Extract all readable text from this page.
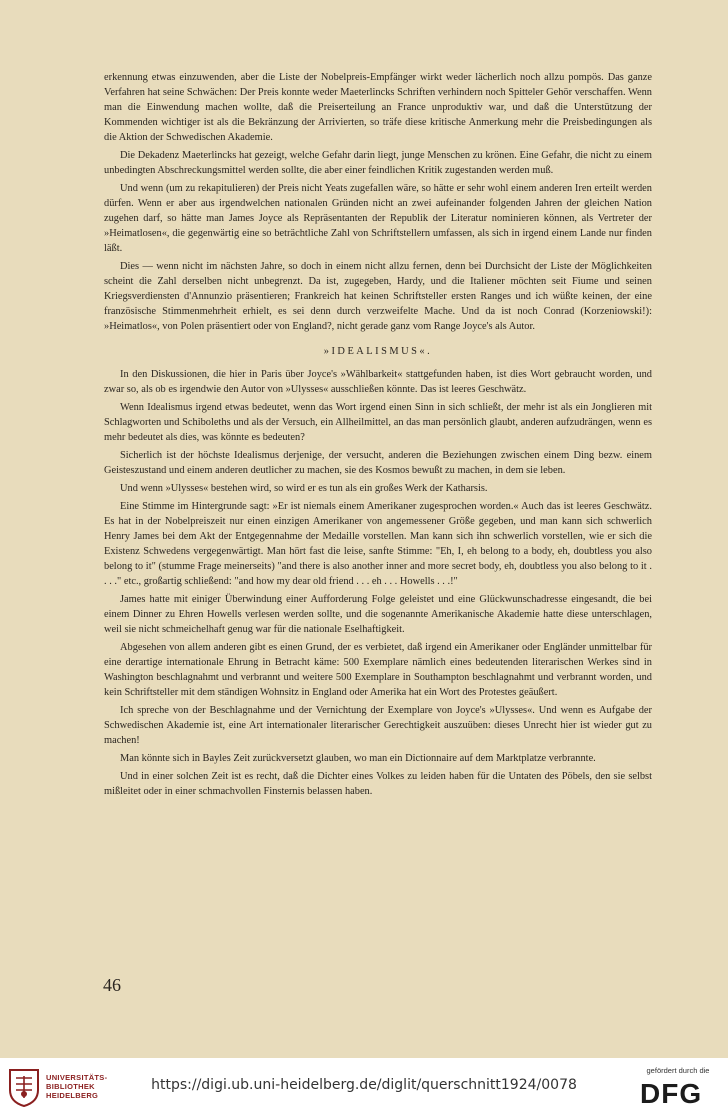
erkennung etwas einzuwenden, aber die Liste der Nobelpreis-Empfänger wirkt weder lächerlich noch allzu pompös. Das ganze Verfahren hat seine Schwächen: Der Preis konnte weder Maeterlincks Schriften verhindern noch Spitteler Gehör verschaffen. Wenn man die Einwendung machen wollte, daß die Preiserteilung an France unproduktiv war, und daß die Unterstützung der Kommenden wichtiger ist als die Bekränzung der Arrivierten, so träfe diese kritische Anmerkung mehr die Preisbedingungen als die Aktion der Schwedischen Akademie.

Die Dekadenz Maeterlincks hat gezeigt, welche Gefahr darin liegt, junge Menschen zu krönen. Eine Gefahr, die nicht zu einem unbedingten Abschreckungsmittel werden sollte, die aber einer feindlichen Kritik zugestanden werden muß.

Und wenn (um zu rekapitulieren) der Preis nicht Yeats zugefallen wäre, so hätte er sehr wohl einem anderen Iren erteilt werden dürfen. Wenn er aber aus irgendwelchen nationalen Gründen nicht an zwei aufeinander folgenden Jahren der gleichen Nation zugehen darf, so hätte man James Joyce als Repräsentanten der Republik der Literatur nominieren können, als Vertreter der »Heimatlosen«, die gegenwärtig eine so beträchtliche Zahl von Schriftstellern umfassen, als sich in irgend einem Lande nur finden läßt.

Dies — wenn nicht im nächsten Jahre, so doch in einem nicht allzu fernen, denn bei Durchsicht der Liste der Möglichkeiten scheint die Zahl derselben nicht unbegrenzt. Da ist, zugegeben, Hardy, und die Italiener möchten seit Fiume und seinen Kriegsverdiensten d'Annunzio präsentieren; Frankreich hat keinen Schriftsteller ersten Ranges und ich wüßte keinen, der eine französische Stimmenmehrheit erhielt, es sei denn durch verzweifelte Mache. Und da ist noch Conrad (Korzeniowski!): »Heimatlos«, von Polen präsentiert oder von England?, nicht gerade ganz vom Range Joyce's als Autor.

»IDEALISMUS«.

In den Diskussionen, die hier in Paris über Joyce's »Wählbarkeit« stattgefunden haben, ist dies Wort gebraucht worden, und zwar so, als ob es irgendwie den Autor von »Ulysses« ausschließen könnte. Das ist leeres Geschwätz.

Wenn Idealismus irgend etwas bedeutet, wenn das Wort irgend einen Sinn in sich schließt, der mehr ist als ein Jonglieren mit Schlagworten und Schiboleths und als der Versuch, ein Allheilmittel, an das man persönlich glaubt, anderen aufzudrängen, wenn es mehr bedeutet als dies, was könnte es bedeuten?

Sicherlich ist der höchste Idealismus derjenige, der versucht, anderen die Beziehungen zwischen einem Ding bezw. einem Geisteszustand und einem anderen deutlicher zu machen, sie des Kosmos bewußt zu machen, in dem sie leben.

Und wenn »Ulysses« bestehen wird, so wird er es tun als ein großes Werk der Katharsis.

Eine Stimme im Hintergrunde sagt: »Er ist niemals einem Amerikaner zugesprochen worden.« Auch das ist leeres Geschwätz. Es hat in der Nobelpreiszeit nur einen einzigen Amerikaner von angemessener Größe gegeben, und man kann sich schwerlich Henry James bei dem Akt der Entgegennahme der Medaille vorstellen. Man kann sich ihn schwerlich vorstellen, wie er sich die Existenz Schwedens vergegenwärtigt. Man hört fast die leise, sanfte Stimme: "Eh, I, eh belong to a body, eh, doubtless you also belong to it" (stumme Frage meinerseits) "and there is also another inner and more secret body, eh, doubtless you also belong to it . . . ." etc., großartig schließend: "and how my dear old friend . . . eh . . . Howells . . .!"

James hatte mit einiger Überwindung einer Aufforderung Folge geleistet und eine Glückwunschadresse eingesandt, die bei einem Dinner zu Ehren Howells verlesen werden sollte, und die sogenannte Amerikanische Akademie hatte diese unterschlagen, weil sie nicht schmeichelhaft genug war für die nationale Eselhaftigkeit.

Abgesehen von allem anderen gibt es einen Grund, der es verbietet, daß irgend ein Amerikaner oder Engländer unmittelbar für eine derartige internationale Ehrung in Betracht käme: 500 Exemplare nämlich eines bedeutenden literarischen Werkes sind in Washington beschlagnahmt und verbrannt und weitere 500 Exemplare in Southampton beschlagnahmt und verbrannt worden, und kein Schriftsteller mit dem ständigen Wohnsitz in England oder Amerika hat ein Wort des Protestes geäußert.

Ich spreche von der Beschlagnahme und der Vernichtung der Exemplare von Joyce's »Ulysses«. Und wenn es Aufgabe der Schwedischen Akademie ist, eine Art internationaler literarischer Gerechtigkeit auszuüben: dieses Unrecht hier ist wieder gut zu machen!

Man könnte sich in Bayles Zeit zurückversetzt glauben, wo man ein Dictionnaire auf dem Marktplatze verbrannte.

Und in einer solchen Zeit ist es recht, daß die Dichter eines Volkes zu leiden haben für die Untaten des Pöbels, den sie selbst mißleitet oder in einer schmachvollen Finsternis belassen haben.

46
UNIVERSITÄTS-
BIBLIOTHEK
HEIDELBERG
https://digi.ub.uni-heidelberg.de/diglit/querschnitt1924/0078
gefördert durch die
DFG
